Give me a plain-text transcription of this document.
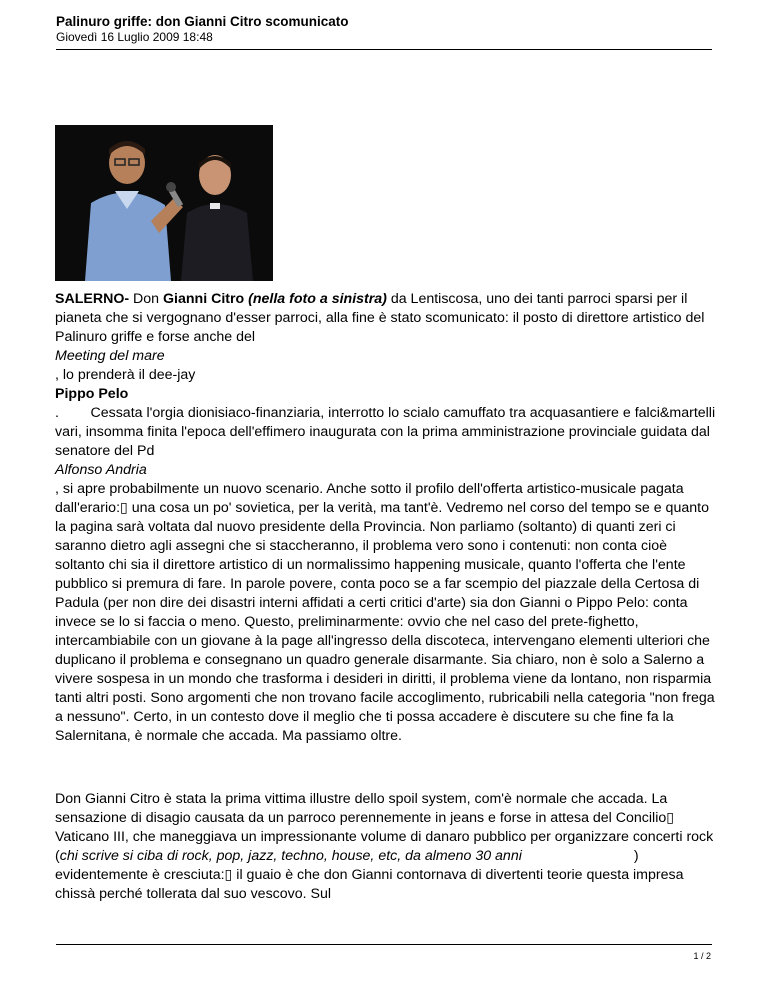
Palinuro griffe: don Gianni Citro scomunicato

Giovedì 16 Luglio 2009 18:48

SALERNO- Don Gianni Citro (nella foto a sinistra) da Lentiscosa, uno dei tanti parroci sparsi per il pianeta che si vergognano d'esser parroci, alla fine è stato scomunicato: il posto di direttore artistico del Palinuro griffe e forse anche del

Meeting del mare

, lo prenderà il dee-jay

Pippo Pelo

.        Cessata l'orgia dionisiaco-finanziaria, interrotto lo scialo camuffato tra acquasantiere e falci&martelli vari, insomma finita l'epoca dell'effimero inaugurata con la prima amministrazione provinciale guidata dal senatore del Pd

Alfonso Andria

, si apre probabilmente un nuovo scenario. Anche sotto il profilo dell'offerta artistico-musicale pagata dall'erario:▯ una cosa un po' sovietica, per la verità, ma tant'è. Vedremo nel corso del tempo se e quanto la pagina sarà voltata dal nuovo presidente della Provincia. Non parliamo (soltanto) di quanti zeri ci saranno dietro agli assegni che si staccheranno, il problema vero sono i contenuti: non conta cioè soltanto chi sia il direttore artistico di un normalissimo happening musicale, quanto l'offerta che l'ente pubblico si premura di fare. In parole povere, conta poco se a far scempio del piazzale della Certosa di Padula (per non dire dei disastri interni affidati a certi critici d'arte) sia don Gianni o Pippo Pelo: conta invece se lo si faccia o meno. Questo, preliminarmente: ovvio che nel caso del prete-fighetto, intercambiabile con un giovane à la page all'ingresso della discoteca, intervengano elementi ulteriori che duplicano il problema e consegnano un quadro generale disarmante. Sia chiaro, non è solo a Salerno a vivere sospesa in un mondo che trasforma i desideri in diritti, il problema viene da lontano, non risparmia tanti altri posti. Sono argomenti che non trovano facile accoglimento, rubricabili nella categoria "non frega a nessuno". Certo, in un contesto dove il meglio che ti possa accadere è discutere su che fine fa la Salernitana, è normale che accada. Ma passiamo oltre.

Don Gianni Citro è stata la prima vittima illustre dello spoil system, com'è normale che accada. La sensazione di disagio causata da un parroco perennemente in jeans e forse in attesa del Concilio▯ Vaticano III, che maneggiava un impressionante volume di danaro pubblico per organizzare concerti rock (chi scrive si ciba di rock, pop, jazz, techno, house, etc, da almeno 30 anni	) evidentemente è cresciuta:▯ il guaio è che don Gianni contornava di divertenti teorie questa impresa chissà perché tollerata dal suo vescovo. Sul

1 / 2
